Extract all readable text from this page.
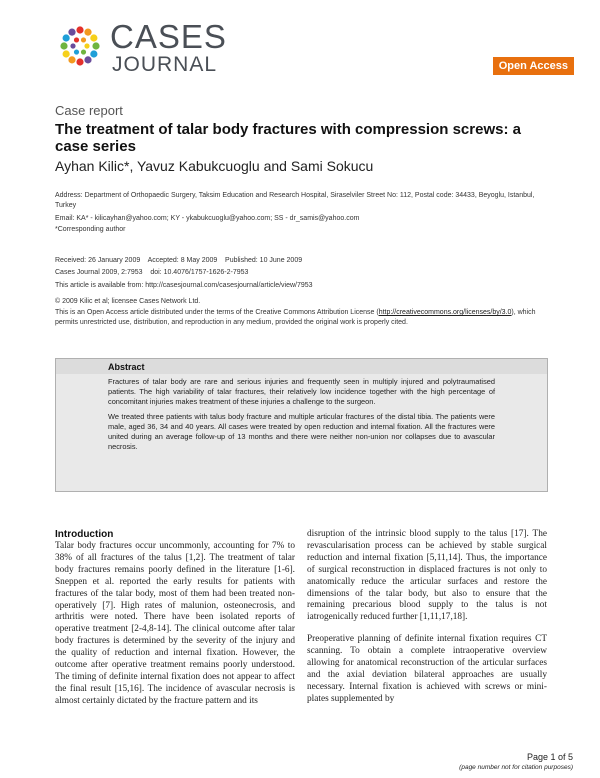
CASES
JOURNAL	Open Access
Case report
The treatment of talar body fractures with compression screws: a case series
Ayhan Kilic*, Yavuz Kabukcuoglu and Sami Sokucu
Address: Department of Orthopaedic Surgery, Taksim Education and Research Hospital, Siraselviler Street No: 112, Postal code: 34433, Beyoglu, Istanbul, Turkey
Email: KA* - kilicayhan@yahoo.com; KY - ykabukcuoglu@yahoo.com; SS - dr_samis@yahoo.com
*Corresponding author
Received: 26 January 2009    Accepted: 8 May 2009    Published: 10 June 2009
Cases Journal 2009, 2:7953    doi: 10.4076/1757-1626-2-7953
This article is available from: http://casesjournal.com/casesjournal/article/view/7953
© 2009 Kilic et al; licensee Cases Network Ltd.
This is an Open Access article distributed under the terms of the Creative Commons Attribution License (http://creativecommons.org/licenses/by/3.0), which permits unrestricted use, distribution, and reproduction in any medium, provided the original work is properly cited.
Abstract

Fractures of talar body are rare and serious injuries and frequently seen in multiply injured and polytraumatised patients. The high variability of talar fractures, their relatively low incidence together with the high percentage of concomitant injuries makes treatment of these injuries a challenge to the surgeon.

We treated three patients with talus body fracture and multiple articular fractures of the distal tibia. The patients were male, aged 36, 34 and 40 years. All cases were treated by open reduction and internal fixation. All the fractures were united during an average follow-up of 13 months and there were neither non-union nor collapses due to avascular necrosis.

Introduction

Talar body fractures occur uncommonly, accounting for 7% to 38% of all fractures of the talus [1,2]. The treatment of talar body fractures remains poorly defined in the literature [1-6]. Sneppen et al. reported the early results for patients with fractures of the talar body, most of them had been treated non-operatively [7]. High rates of malunion, osteonecrosis, and arthritis were noted. There have been isolated reports of operative treatment [2-4,8-14]. The clinical outcome after talar body fractures is determined by the severity of the injury and the quality of reduction and internal fixation. However, the outcome after operative treatment remains poorly understood. The timing of definite internal fixation does not appear to affect the final result [15,16]. The incidence of avascular necrosis is almost certainly dictated by the fracture pattern and its

disruption of the intrinsic blood supply to the talus [17]. The revascularisation process can be achieved by stable surgical reduction and internal fixation [5,11,14]. Thus, the importance of surgical reconstruction in displaced fractures is not only to anatomically reduce the articular surfaces and restore the dimensions of the talar body, but also to ensure that the remaining precarious blood supply to the talus is not iatrogenically reduced further [1,11,17,18].

Preoperative planning of definite internal fixation requires CT scanning. To obtain a complete intraoperative overview allowing for anatomical reconstruction of the articular surfaces and the axial deviation bilateral approaches are usually necessary. Internal fixation is achieved with screws or mini-plates supplemented by

Page 1 of 5
(page number not for citation purposes)
